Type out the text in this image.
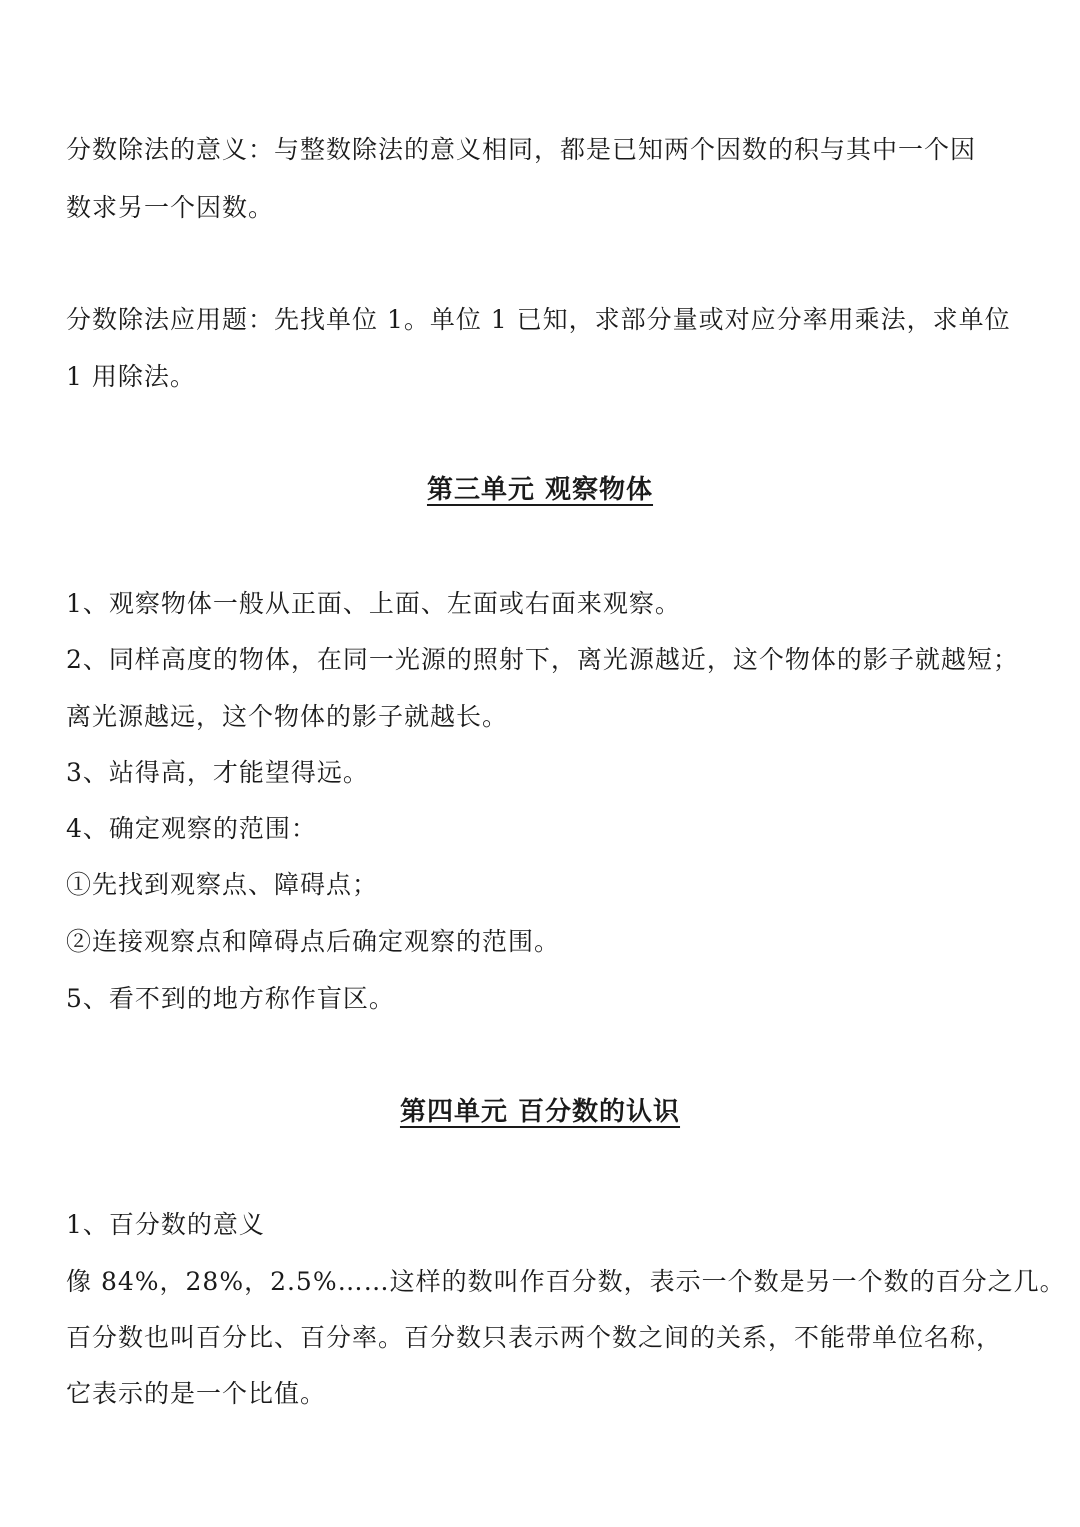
分数除法的意义：与整数除法的意义相同，都是已知两个因数的积与其中一个因
数求另一个因数。
分数除法应用题：先找单位 1。单位 1 已知，求部分量或对应分率用乘法，求单位
1 用除法。
第三单元 观察物体
1、观察物体一般从正面、上面、左面或右面来观察。
2、同样高度的物体，在同一光源的照射下，离光源越近，这个物体的影子就越短；
离光源越远，这个物体的影子就越长。
3、站得高，才能望得远。
4、确定观察的范围：
①先找到观察点、障碍点；
②连接观察点和障碍点后确定观察的范围。
5、看不到的地方称作盲区。
第四单元 百分数的认识
1、百分数的意义
像 84%，28%，2.5%……这样的数叫作百分数，表示一个数是另一个数的百分之几。
百分数也叫百分比、百分率。百分数只表示两个数之间的关系，不能带单位名称，
它表示的是一个比值。
